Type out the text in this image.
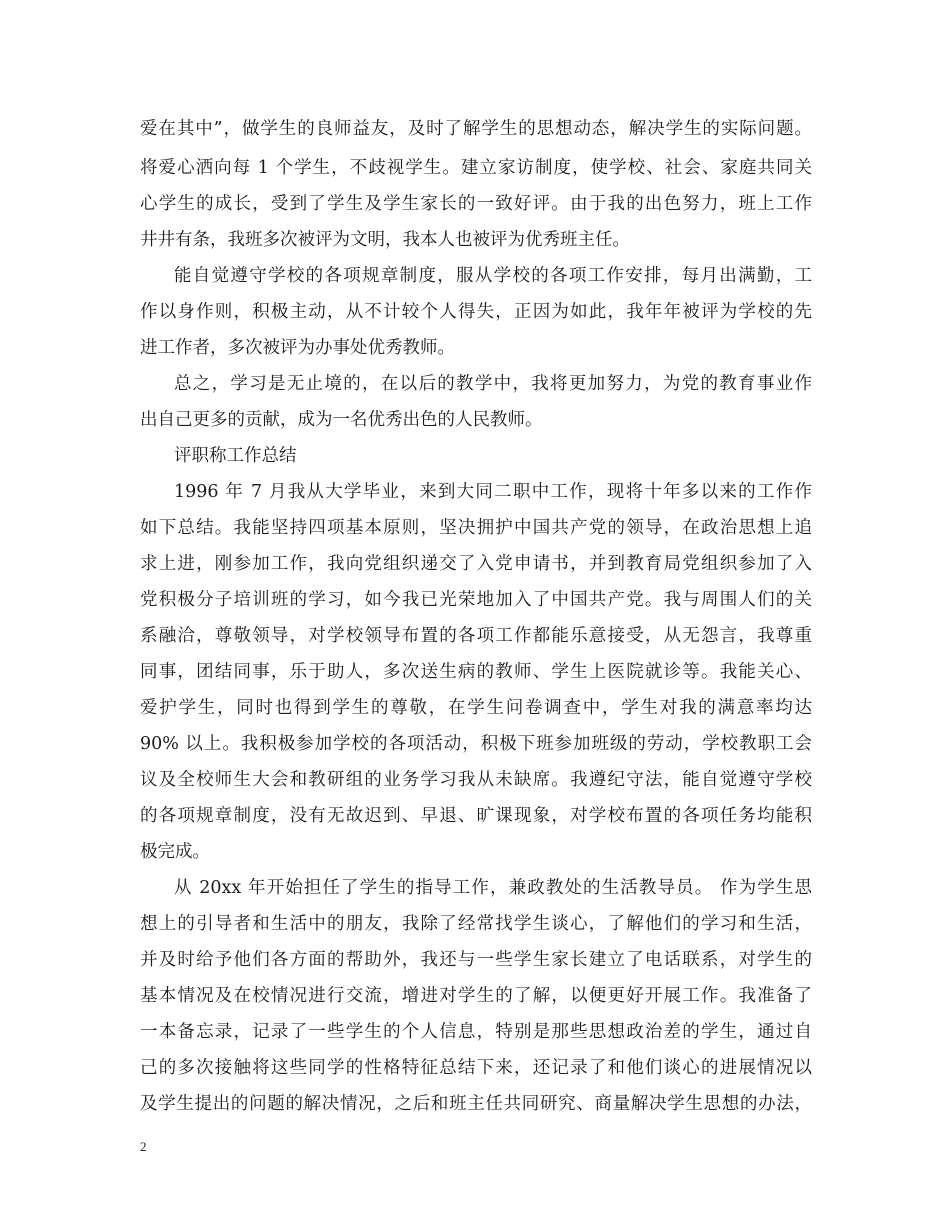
爱在其中”，做学生的良师益友，及时了解学生的思想动态，解决学生的实际问题。
将爱心洒向每 1 个学生，不歧视学生。建立家访制度，使学校、社会、家庭共同关
心学生的成长，受到了学生及学生家长的一致好评。由于我的出色努力，班上工作
井井有条，我班多次被评为文明，我本人也被评为优秀班主任。
能自觉遵守学校的各项规章制度，服从学校的各项工作安排，每月出满勤，工
作以身作则，积极主动，从不计较个人得失，正因为如此，我年年被评为学校的先
进工作者，多次被评为办事处优秀教师。
总之，学习是无止境的，在以后的教学中，我将更加努力，为党的教育事业作
出自己更多的贡献，成为一名优秀出色的人民教师。
评职称工作总结
1996 年 7 月我从大学毕业，来到大同二职中工作，现将十年多以来的工作作
如下总结。我能坚持四项基本原则，坚决拥护中国共产党的领导，在政治思想上追
求上进，刚参加工作，我向党组织递交了入党申请书，并到教育局党组织参加了入
党积极分子培训班的学习，如今我已光荣地加入了中国共产党。我与周围人们的关
系融洽，尊敬领导，对学校领导布置的各项工作都能乐意接受，从无怨言，我尊重
同事，团结同事，乐于助人，多次送生病的教师、学生上医院就诊等。我能关心、
爱护学生，同时也得到学生的尊敬，在学生问卷调查中，学生对我的满意率均达
90% 以上。我积极参加学校的各项活动，积极下班参加班级的劳动，学校教职工会
议及全校师生大会和教研组的业务学习我从未缺席。我遵纪守法，能自觉遵守学校
的各项规章制度，没有无故迟到、早退、旷课现象，对学校布置的各项任务均能积
极完成。
从 20xx 年开始担任了学生的指导工作，兼政教处的生活教导员。 作为学生思
想上的引导者和生活中的朋友，我除了经常找学生谈心，了解他们的学习和生活，
并及时给予他们各方面的帮助外，我还与一些学生家长建立了电话联系，对学生的
基本情况及在校情况进行交流，增进对学生的了解，以便更好开展工作。我准备了
一本备忘录，记录了一些学生的个人信息，特别是那些思想政治差的学生，通过自
己的多次接触将这些同学的性格特征总结下来，还记录了和他们谈心的进展情况以
及学生提出的问题的解决情况，之后和班主任共同研究、商量解决学生思想的办法，
2
